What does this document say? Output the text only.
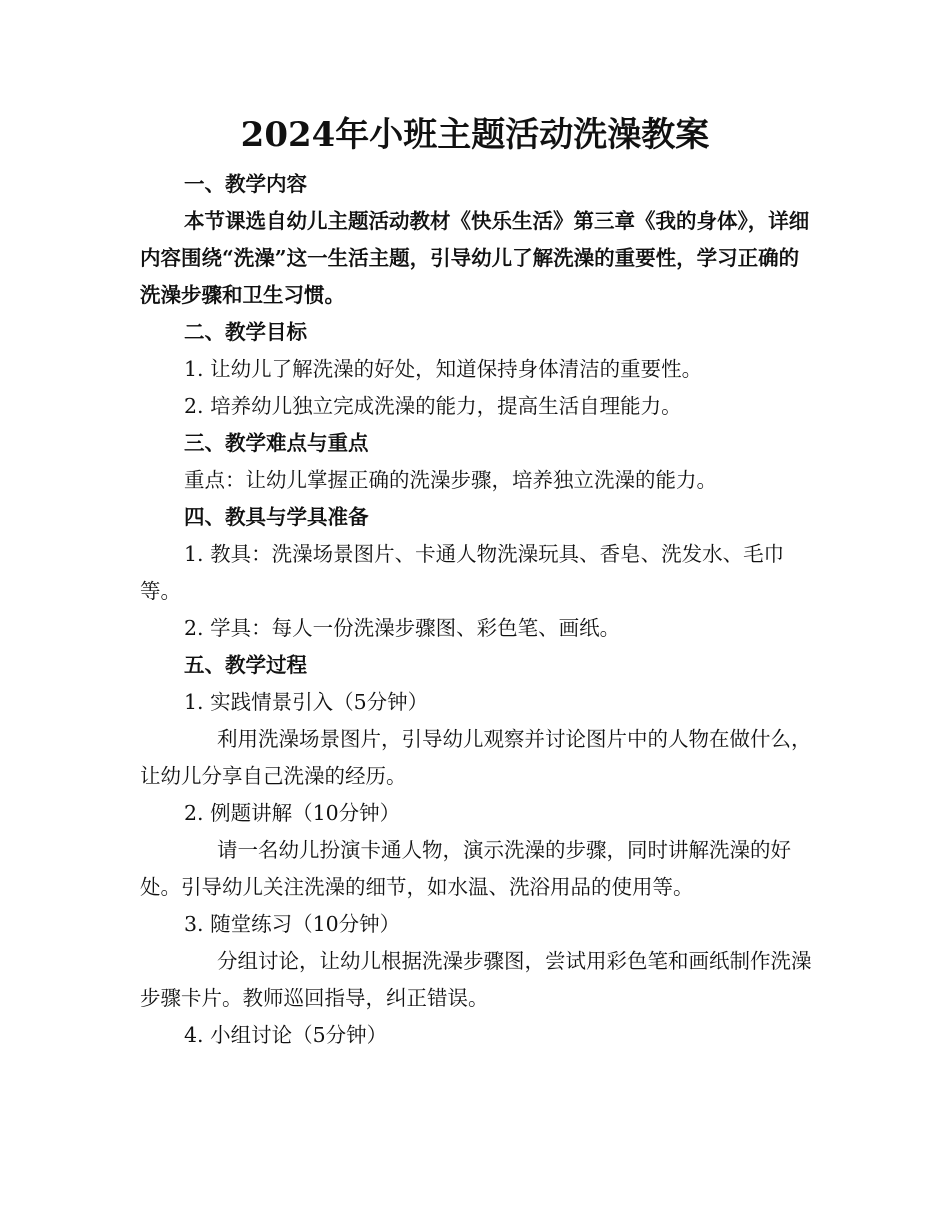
2024年小班主题活动洗澡教案

一、教学内容

本节课选自幼儿主题活动教材《快乐生活》第三章《我的身体》，详细内容围绕“洗澡”这一生活主题，引导幼儿了解洗澡的重要性，学习正确的洗澡步骤和卫生习惯。

二、教学目标

1. 让幼儿了解洗澡的好处，知道保持身体清洁的重要性。

2. 培养幼儿独立完成洗澡的能力，提高生活自理能力。

三、教学难点与重点

重点：让幼儿掌握正确的洗澡步骤，培养独立洗澡的能力。

四、教具与学具准备

1. 教具：洗澡场景图片、卡通人物洗澡玩具、香皂、洗发水、毛巾等。

2. 学具：每人一份洗澡步骤图、彩色笔、画纸。

五、教学过程

1. 实践情景引入（5分钟）

利用洗澡场景图片，引导幼儿观察并讨论图片中的人物在做什么，让幼儿分享自己洗澡的经历。

2. 例题讲解（10分钟）

请一名幼儿扮演卡通人物，演示洗澡的步骤，同时讲解洗澡的好处。引导幼儿关注洗澡的细节，如水温、洗浴用品的使用等。

3. 随堂练习（10分钟）

分组讨论，让幼儿根据洗澡步骤图，尝试用彩色笔和画纸制作洗澡步骤卡片。教师巡回指导，纠正错误。

4. 小组讨论（5分钟）
